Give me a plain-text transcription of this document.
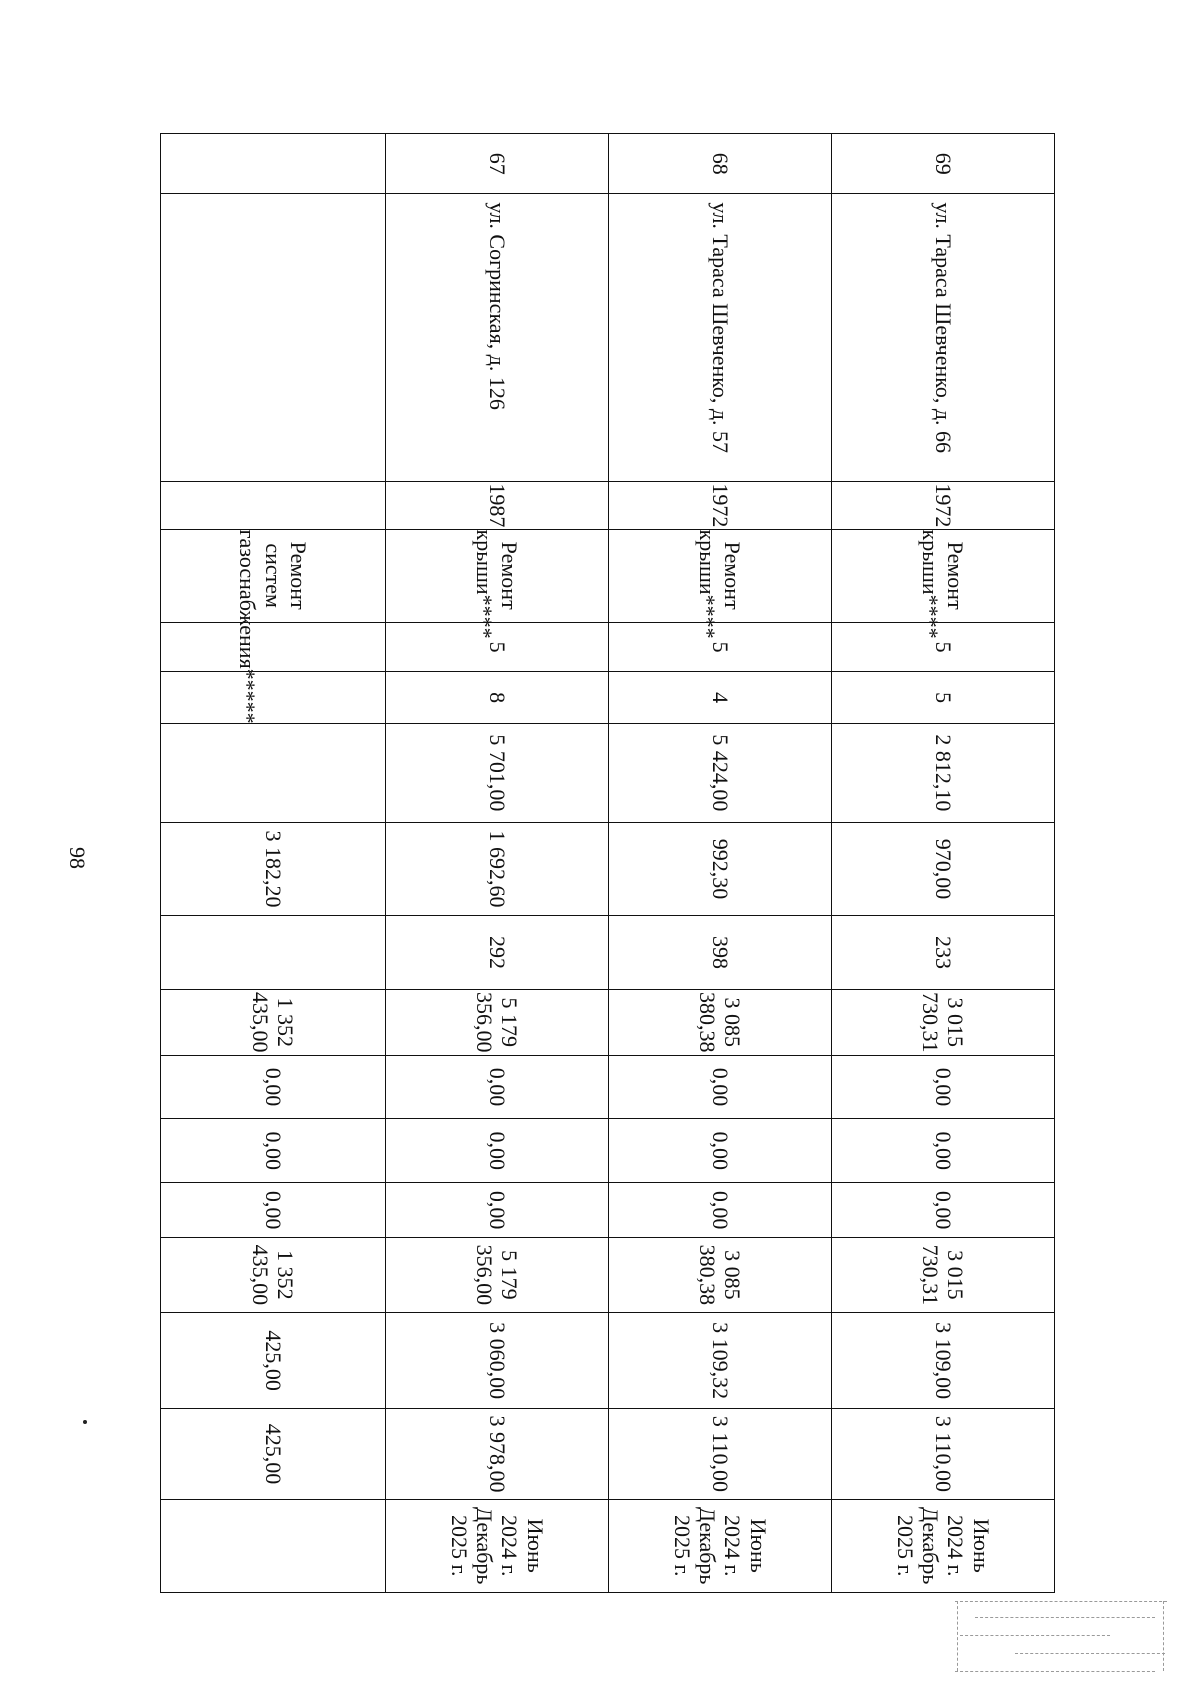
69	ул. Тараса Шевченко, д. 66	1972	Ремонт крыши****	5	5	2 812,10	970,00	233	3 015 730,31	0,00	0,00	0,00	3 015 730,31	3 109,00	3 110,00	Июнь 2024 г. Декабрь 2025 г.
68	ул. Тараса Шевченко, д. 57	1972	Ремонт крыши****	5	4	5 424,00	992,30	398	3 085 380,38	0,00	0,00	0,00	3 085 380,38	3 109,32	3 110,00	Июнь 2024 г. Декабрь 2025 г.
67	ул. Согринская, д. 126	1987	Ремонт крыши****	5	8	5 701,00	1 692,60	292	5 179 356,00	0,00	0,00	0,00	5 179 356,00	3 060,00	3 978,00	Июнь 2024 г. Декабрь 2025 г.
			Ремонт систем газоснабжения*****				3 182,20		1 352 435,00	0,00	0,00	0,00	1 352 435,00	425,00	425,00	
98
